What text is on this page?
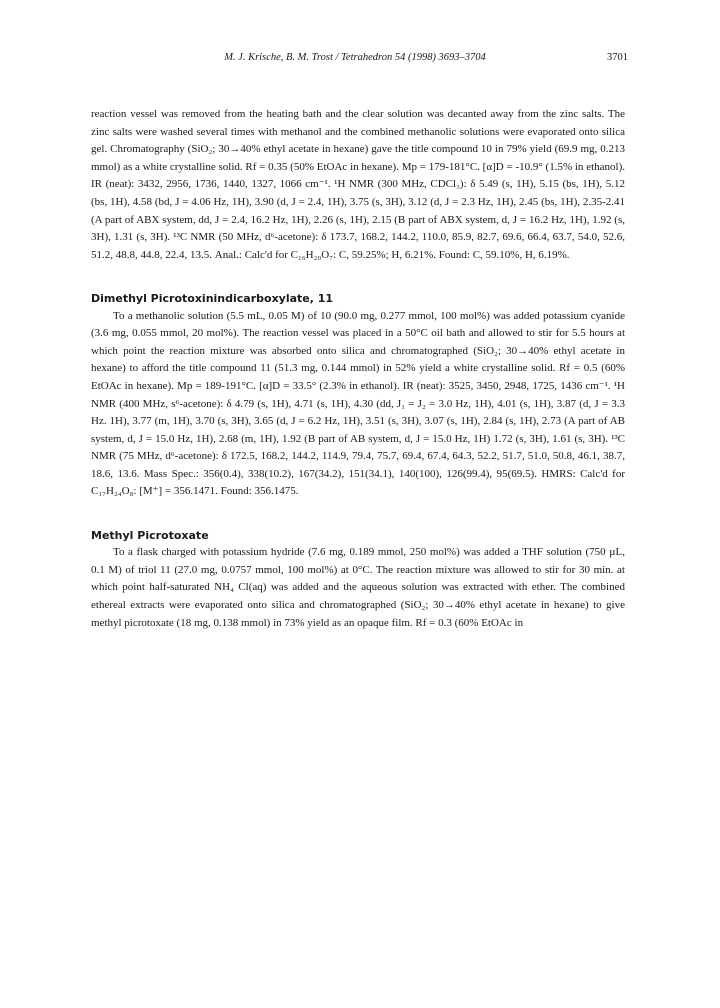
M. J. Krische, B. M. Trost / Tetrahedron 54 (1998) 3693–3704	3701

reaction vessel was removed from the heating bath and the clear solution was decanted away from the zinc salts. The zinc salts were washed several times with methanol and the combined methanolic solutions were evaporated onto silica gel. Chromatography (SiO₂; 30→40% ethyl acetate in hexane) gave the title compound 10 in 79% yield (69.9 mg, 0.213 mmol) as a white crystalline solid. Rf = 0.35 (50% EtOAc in hexane). Mp = 179-181°C. [α]D = -10.9° (1.5% in ethanol). IR (neat): 3432, 2956, 1736, 1440, 1327, 1066 cm⁻¹. ¹H NMR (300 MHz, CDCl₃): δ 5.49 (s, 1H), 5.15 (bs, 1H), 5.12 (bs, 1H), 4.58 (bd, J = 4.06 Hz, 1H), 3.90 (d, J = 2.4, 1H), 3.75 (s, 3H), 3.12 (d, J = 2.3 Hz, 1H), 2.45 (bs, 1H), 2.35-2.41 (A part of ABX system, dd, J = 2.4, 16.2 Hz, 1H), 2.26 (s, 1H), 2.15 (B part of ABX system, d, J = 16.2 Hz, 1H), 1.92 (s, 3H), 1.31 (s, 3H). ¹³C NMR (50 MHz, d⁶-acetone): δ 173.7, 168.2, 144.2, 110.0, 85.9, 82.7, 69.6, 66.4, 63.7, 54.0, 52.6, 51.2, 48.8, 44.8, 22.4, 13.5. Anal.: Calc'd for C₁₆H₂₀O₇: C, 59.25%; H, 6.21%. Found: C, 59.10%, H, 6.19%.

Dimethyl Picrotoxinindicarboxylate, 11

To a methanolic solution (5.5 mL, 0.05 M) of 10 (90.0 mg, 0.277 mmol, 100 mol%) was added potassium cyanide (3.6 mg, 0.055 mmol, 20 mol%). The reaction vessel was placed in a 50°C oil bath and allowed to stir for 5.5 hours at which point the reaction mixture was absorbed onto silica and chromatographed (SiO₂; 30→40% ethyl acetate in hexane) to afford the title compound 11 (51.3 mg, 0.144 mmol) in 52% yield a white crystalline solid. Rf = 0.5 (60% EtOAc in hexane). Mp = 189-191°C. [α]D = 33.5° (2.3% in ethanol). IR (neat): 3525, 3450, 2948, 1725, 1436 cm⁻¹. ¹H NMR (400 MHz, s⁶-acetone): δ 4.79 (s, 1H), 4.71 (s, 1H), 4.30 (dd, J₁ = J₂ = 3.0 Hz, 1H), 4.01 (s, 1H), 3.87 (d, J = 3.3 Hz. 1H), 3.77 (m, 1H), 3.70 (s, 3H), 3.65 (d, J = 6.2 Hz, 1H), 3.51 (s, 3H), 3.07 (s, 1H), 2.84 (s, 1H), 2.73 (A part of AB system, d, J = 15.0 Hz, 1H), 2.68 (m, 1H), 1.92 (B part of AB system, d, J = 15.0 Hz, 1H) 1.72 (s, 3H), 1.61 (s, 3H). ¹³C NMR (75 MHz, d⁶-acetone): δ 172.5, 168.2, 144.2, 114.9, 79.4, 75.7, 69.4, 67.4, 64.3, 52.2, 51.7, 51.0, 50.8, 46.1, 38.7, 18.6, 13.6. Mass Spec.: 356(0.4), 338(10.2), 167(34.2), 151(34.1), 140(100), 126(99.4), 95(69.5). HMRS: Calc'd for C₁₇H₂₄O₈: [M⁺] = 356.1471. Found: 356.1475.

Methyl Picrotoxate

To a flask charged with potassium hydride (7.6 mg, 0.189 mmol, 250 mol%) was added a THF solution (750 µL, 0.1 M) of triol 11 (27.0 mg, 0.0757 mmol, 100 mol%) at 0°C. The reaction mixture was allowed to stir for 30 min. at which point half-saturated NH₄ Cl(aq) was added and the aqueous solution was extracted with ether. The combined ethereal extracts were evaporated onto silica and chromatographed (SiO₂; 30→40% ethyl acetate in hexane) to give methyl picrotoxate (18 mg, 0.138 mmol) in 73% yield as an opaque film. Rf = 0.3 (60% EtOAc in
